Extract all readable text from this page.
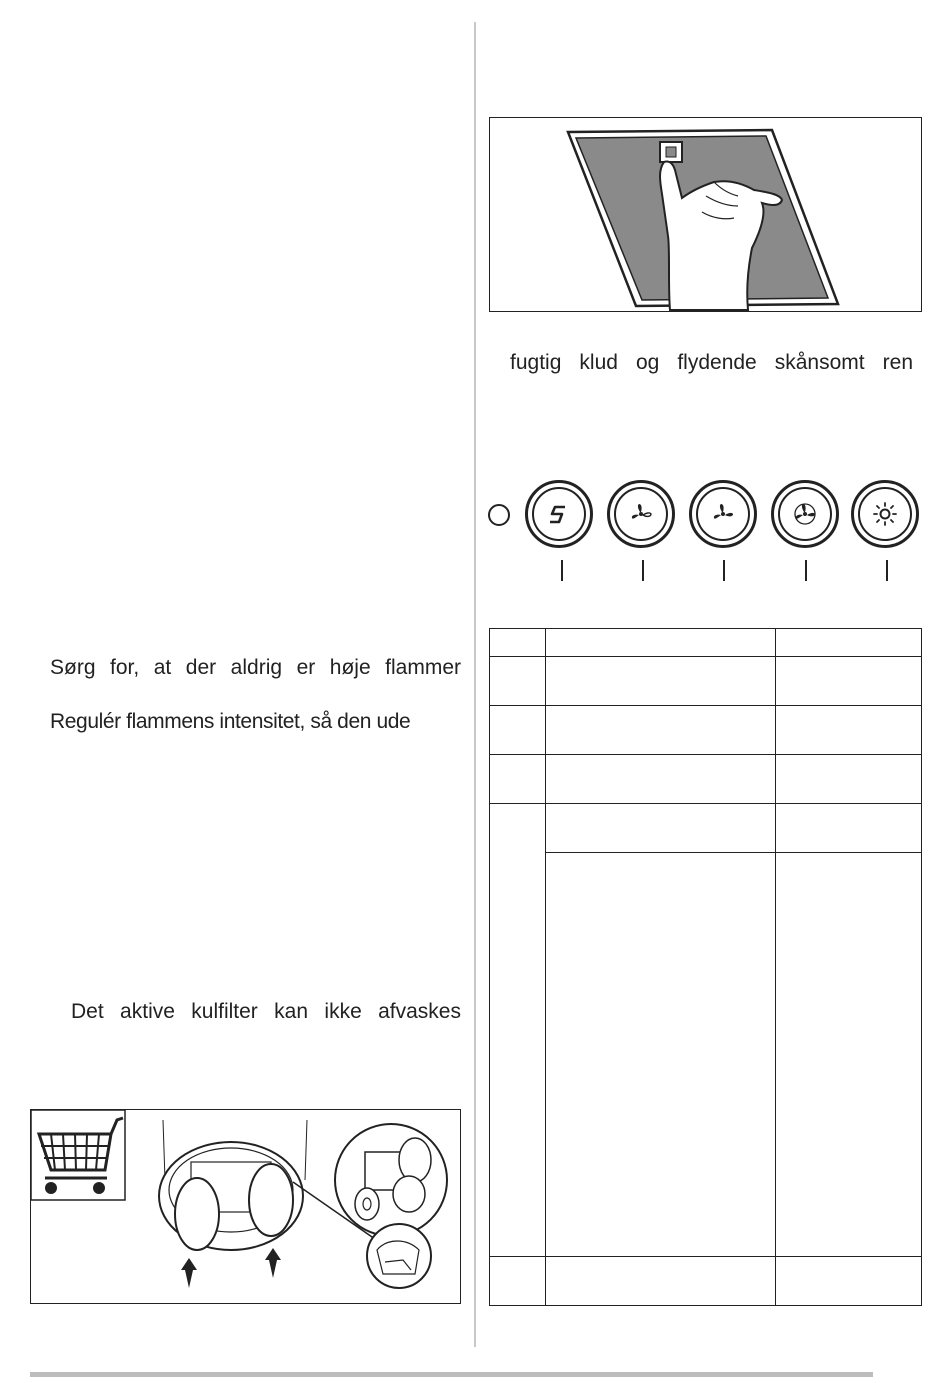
fugtig klud og flydende skånsomt ren

Sørg for, at der aldrig er høje flammer
Regulér flammens intensitet, så den ude
Det aktive kulfilter kan ikke afvaskes
